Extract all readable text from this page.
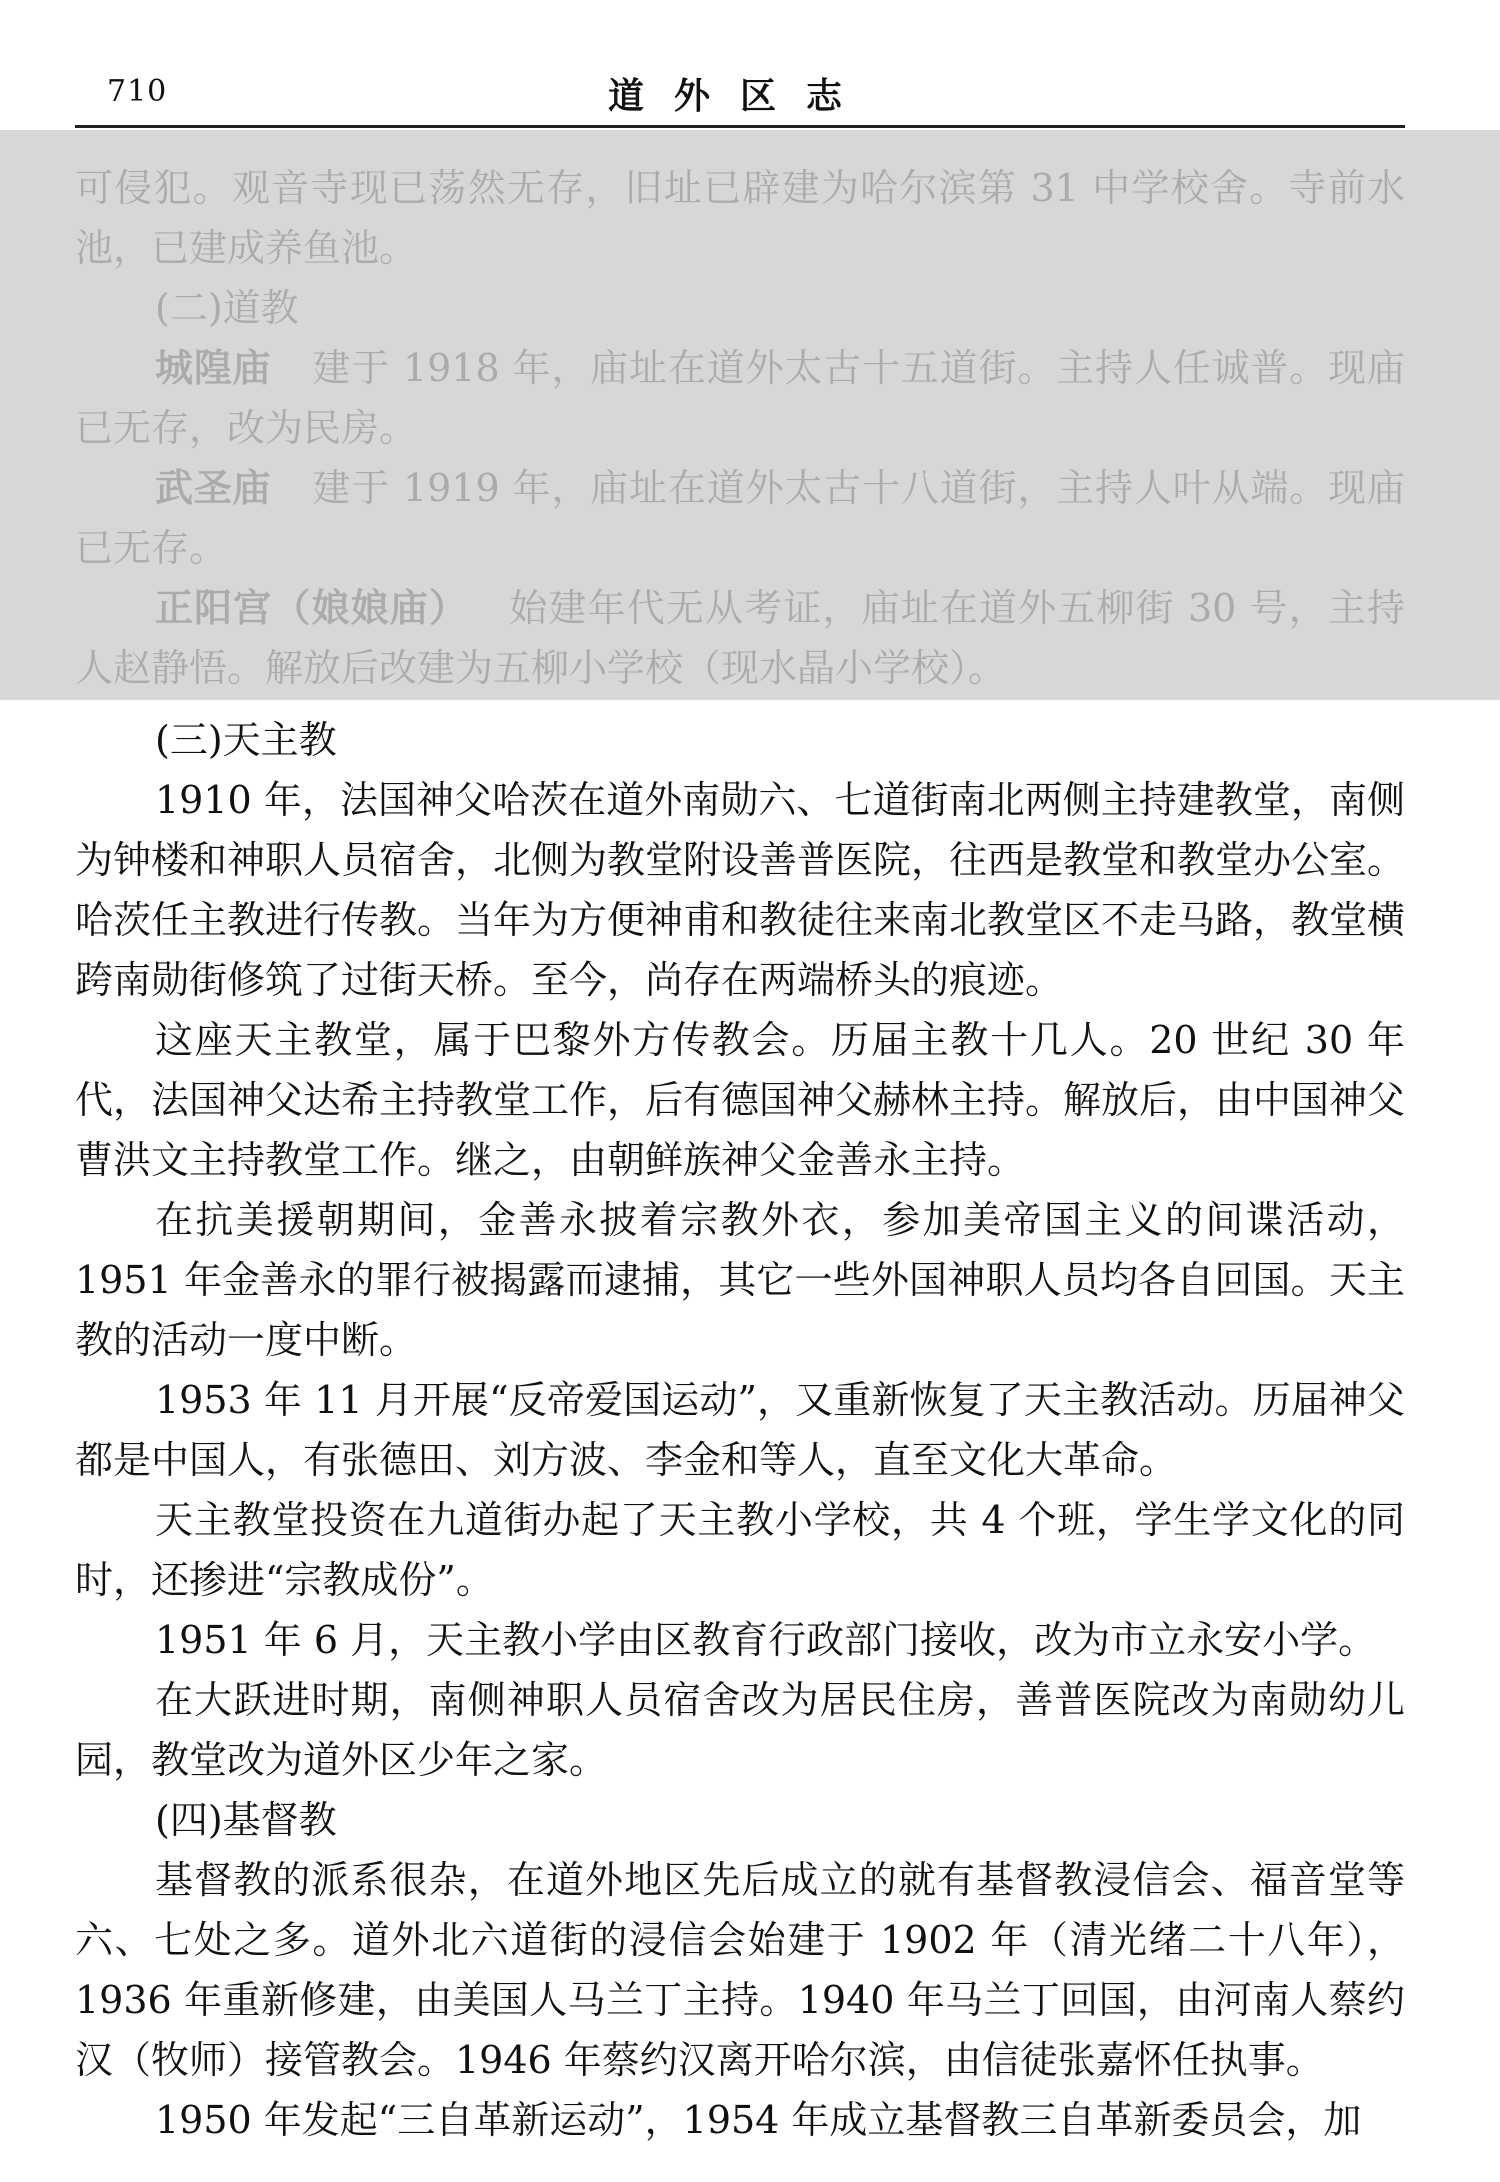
710	道外区志

可侵犯。观音寺现已荡然无存，旧址已辟建为哈尔滨第 31 中学校舍。寺前水池，已建成养鱼池。

(二)道教

城隍庙 建于 1918 年，庙址在道外太古十五道街。主持人任诚普。现庙已无存，改为民房。

武圣庙 建于 1919 年，庙址在道外太古十八道街，主持人叶从端。现庙已无存。

正阳宫（娘娘庙） 始建年代无从考证，庙址在道外五柳街 30 号，主持人赵静悟。解放后改建为五柳小学校（现水晶小学校）。

(三)天主教

1910 年，法国神父哈茨在道外南勋六、七道街南北两侧主持建教堂，南侧为钟楼和神职人员宿舍，北侧为教堂附设善普医院，往西是教堂和教堂办公室。哈茨任主教进行传教。当年为方便神甫和教徒往来南北教堂区不走马路，教堂横跨南勋街修筑了过街天桥。至今，尚存在两端桥头的痕迹。

这座天主教堂，属于巴黎外方传教会。历届主教十几人。20 世纪 30 年代，法国神父达希主持教堂工作，后有德国神父赫林主持。解放后，由中国神父曹洪文主持教堂工作。继之，由朝鲜族神父金善永主持。

在抗美援朝期间，金善永披着宗教外衣，参加美帝国主义的间谍活动，1951 年金善永的罪行被揭露而逮捕，其它一些外国神职人员均各自回国。天主教的活动一度中断。

1953 年 11 月开展“反帝爱国运动”，又重新恢复了天主教活动。历届神父都是中国人，有张德田、刘方波、李金和等人，直至文化大革命。

天主教堂投资在九道街办起了天主教小学校，共 4 个班，学生学文化的同时，还掺进“宗教成份”。

1951 年 6 月，天主教小学由区教育行政部门接收，改为市立永安小学。

在大跃进时期，南侧神职人员宿舍改为居民住房，善普医院改为南勋幼儿园，教堂改为道外区少年之家。

(四)基督教

基督教的派系很杂，在道外地区先后成立的就有基督教浸信会、福音堂等六、七处之多。道外北六道街的浸信会始建于 1902 年（清光绪二十八年），1936 年重新修建，由美国人马兰丁主持。1940 年马兰丁回国，由河南人蔡约汉（牧师）接管教会。1946 年蔡约汉离开哈尔滨，由信徒张嘉怀任执事。

1950 年发起“三自革新运动”，1954 年成立基督教三自革新委员会，加
